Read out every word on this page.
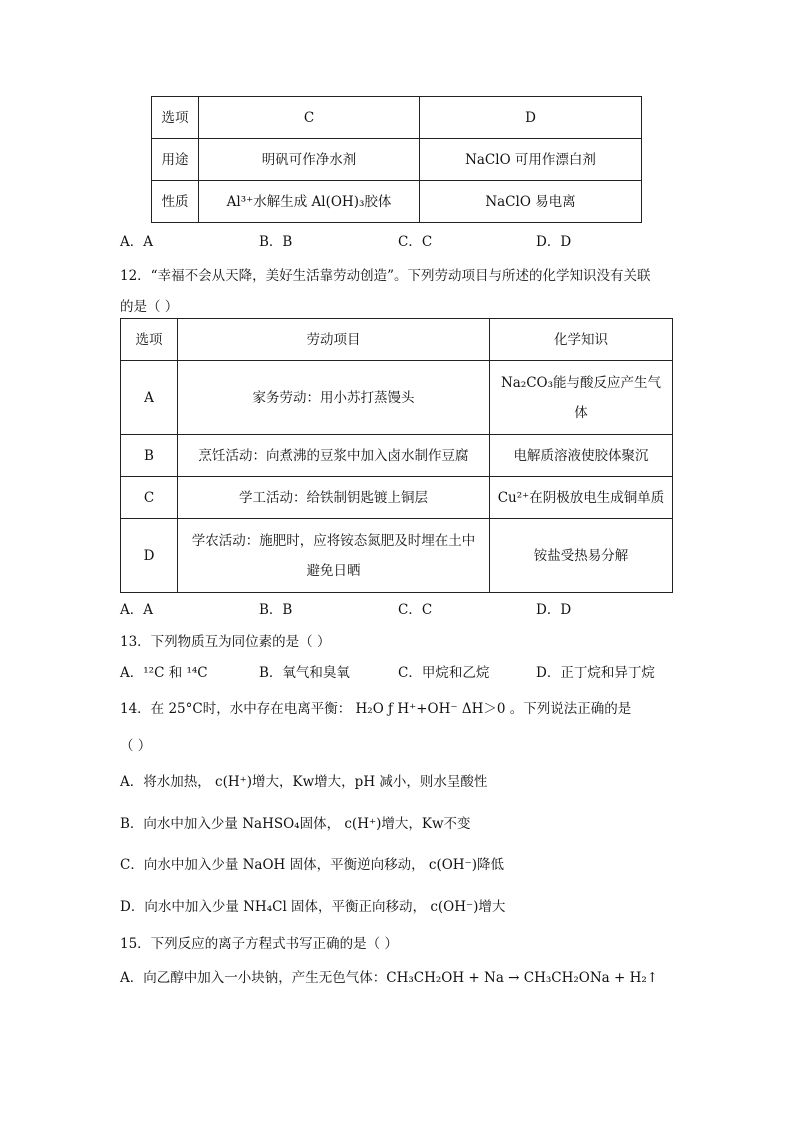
选项	C	D
用途	明矾可作净水剂	NaClO 可用作漂白剂
性质	Al³⁺水解生成 Al(OH)₃胶体	NaClO 易电离
A．A	B．B	C．C	D．D
12．“幸福不会从天降，美好生活靠劳动创造”。下列劳动项目与所述的化学知识没有关联
的是（ ）
选项	劳动项目	化学知识
A	家务劳动：用小苏打蒸馒头	Na₂CO₃能与酸反应产生气体
B	烹饪活动：向煮沸的豆浆中加入卤水制作豆腐	电解质溶液使胶体聚沉
C	学工活动：给铁制钥匙镀上铜层	Cu²⁺在阴极放电生成铜单质
D	学农活动：施肥时，应将铵态氮肥及时埋在土中避免日晒	铵盐受热易分解
A．A	B．B	C．C	D．D
13．下列物质互为同位素的是（ ）
A．¹²C 和 ¹⁴C	B．氧气和臭氧	C．甲烷和乙烷	D．正丁烷和异丁烷
14．在 25°C时，水中存在电离平衡： H₂O ƒ H⁺+OH⁻ ΔH＞0 。下列说法正确的是
（ ）
A．将水加热， c(H⁺)增大，Kw增大，pH 减小，则水呈酸性
B．向水中加入少量 NaHSO₄固体， c(H⁺)增大，Kw不变
C．向水中加入少量 NaOH 固体，平衡逆向移动， c(OH⁻)降低
D．向水中加入少量 NH₄Cl 固体，平衡正向移动， c(OH⁻)增大
15．下列反应的离子方程式书写正确的是（ ）
A．向乙醇中加入一小块钠，产生无色气体：CH₃CH₂OH + Na → CH₃CH₂ONa + H₂↑
